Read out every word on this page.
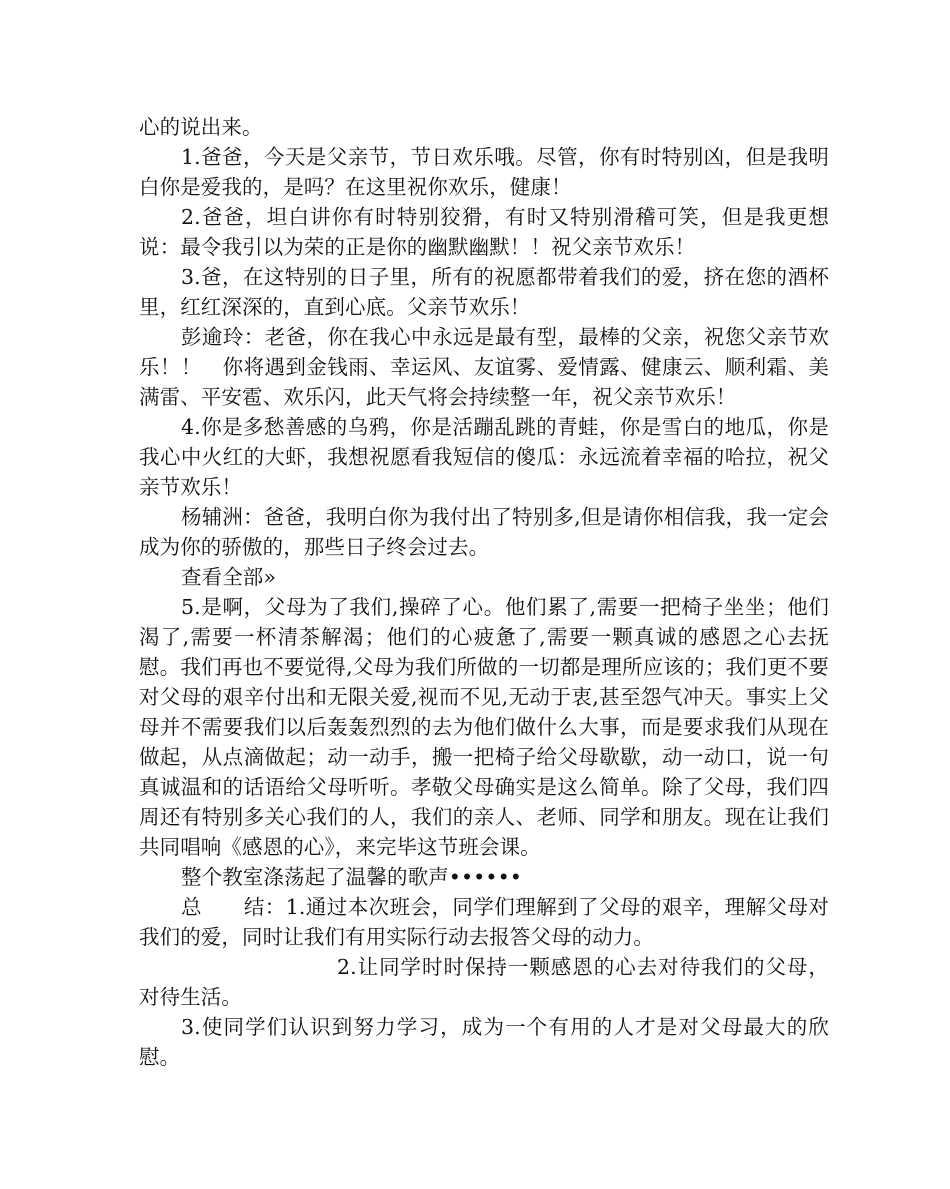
心的说出来。

1.爸爸，今天是父亲节，节日欢乐哦。尽管，你有时特别凶，但是我明白你是爱我的，是吗？在这里祝你欢乐，健康！

2.爸爸，坦白讲你有时特别狡猾，有时又特别滑稽可笑，但是我更想说：最令我引以为荣的正是你的幽默幽默！！祝父亲节欢乐！

3.爸，在这特别的日子里，所有的祝愿都带着我们的爱，挤在您的酒杯里，红红深深的，直到心底。父亲节欢乐！

彭逾玲：老爸，你在我心中永远是最有型，最棒的父亲，祝您父亲节欢乐！！　你将遇到金钱雨、幸运风、友谊雾、爱情露、健康云、顺利霜、美满雷、平安雹、欢乐闪，此天气将会持续整一年，祝父亲节欢乐！

4.你是多愁善感的乌鸦，你是活蹦乱跳的青蛙，你是雪白的地瓜，你是我心中火红的大虾，我想祝愿看我短信的傻瓜：永远流着幸福的哈拉，祝父亲节欢乐！

杨辅洲：爸爸，我明白你为我付出了特别多,但是请你相信我，我一定会成为你的骄傲的，那些日子终会过去。

查看全部»

5.是啊，父母为了我们,操碎了心。他们累了,需要一把椅子坐坐；他们渴了,需要一杯清茶解渴；他们的心疲惫了,需要一颗真诚的感恩之心去抚慰。我们再也不要觉得,父母为我们所做的一切都是理所应该的；我们更不要对父母的艰辛付出和无限关爱,视而不见,无动于衷,甚至怨气冲天。事实上父母并不需要我们以后轰轰烈烈的去为他们做什么大事，而是要求我们从现在做起，从点滴做起；动一动手，搬一把椅子给父母歇歇，动一动口，说一句真诚温和的话语给父母听听。孝敬父母确实是这么简单。除了父母，我们四周还有特别多关心我们的人，我们的亲人、老师、同学和朋友。现在让我们共同唱响《感恩的心》，来完毕这节班会课。

整个教室涤荡起了温馨的歌声••••••

总　　结：1.通过本次班会，同学们理解到了父母的艰辛，理解父母对我们的爱，同时让我们有用实际行动去报答父母的动力。

2.让同学时时保持一颗感恩的心去对待我们的父母，对待生活。

3.使同学们认识到努力学习，成为一个有用的人才是对父母最大的欣慰。
